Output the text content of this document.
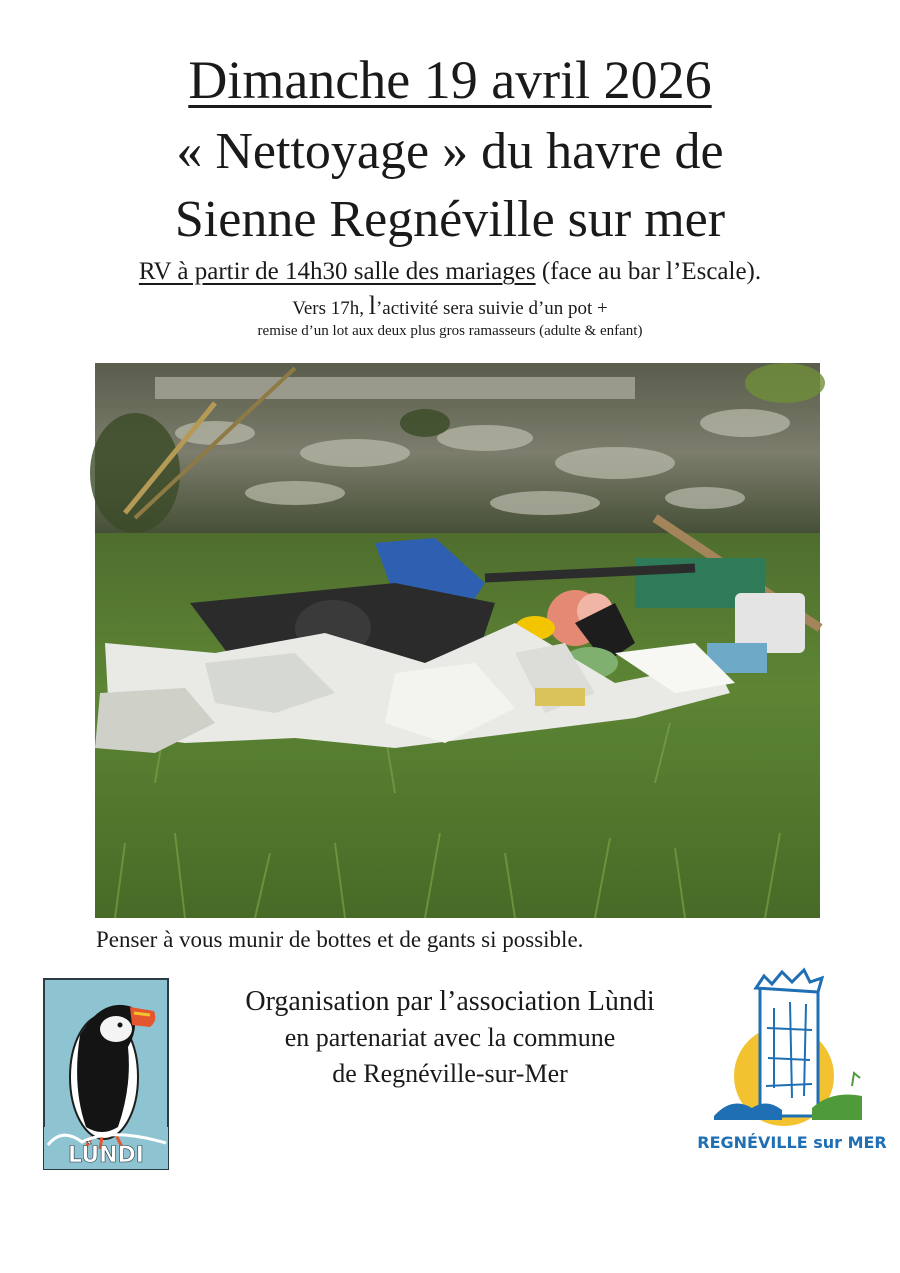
Dimanche 19 avril 2026
« Nettoyage » du havre de
Sienne Regnéville sur mer
RV à partir de 14h30 salle des mariages (face au bar l’Escale).
Vers 17h, l’activité sera suivie d’un pot +
remise d’un lot aux deux plus gros ramasseurs (adulte & enfant)
Penser à vous munir de bottes et de gants si possible.
Organisation par l’association Lùndi
en partenariat avec la commune
de Regnéville-sur-Mer
LÙNDI
REGNÉVILLE sur MER
